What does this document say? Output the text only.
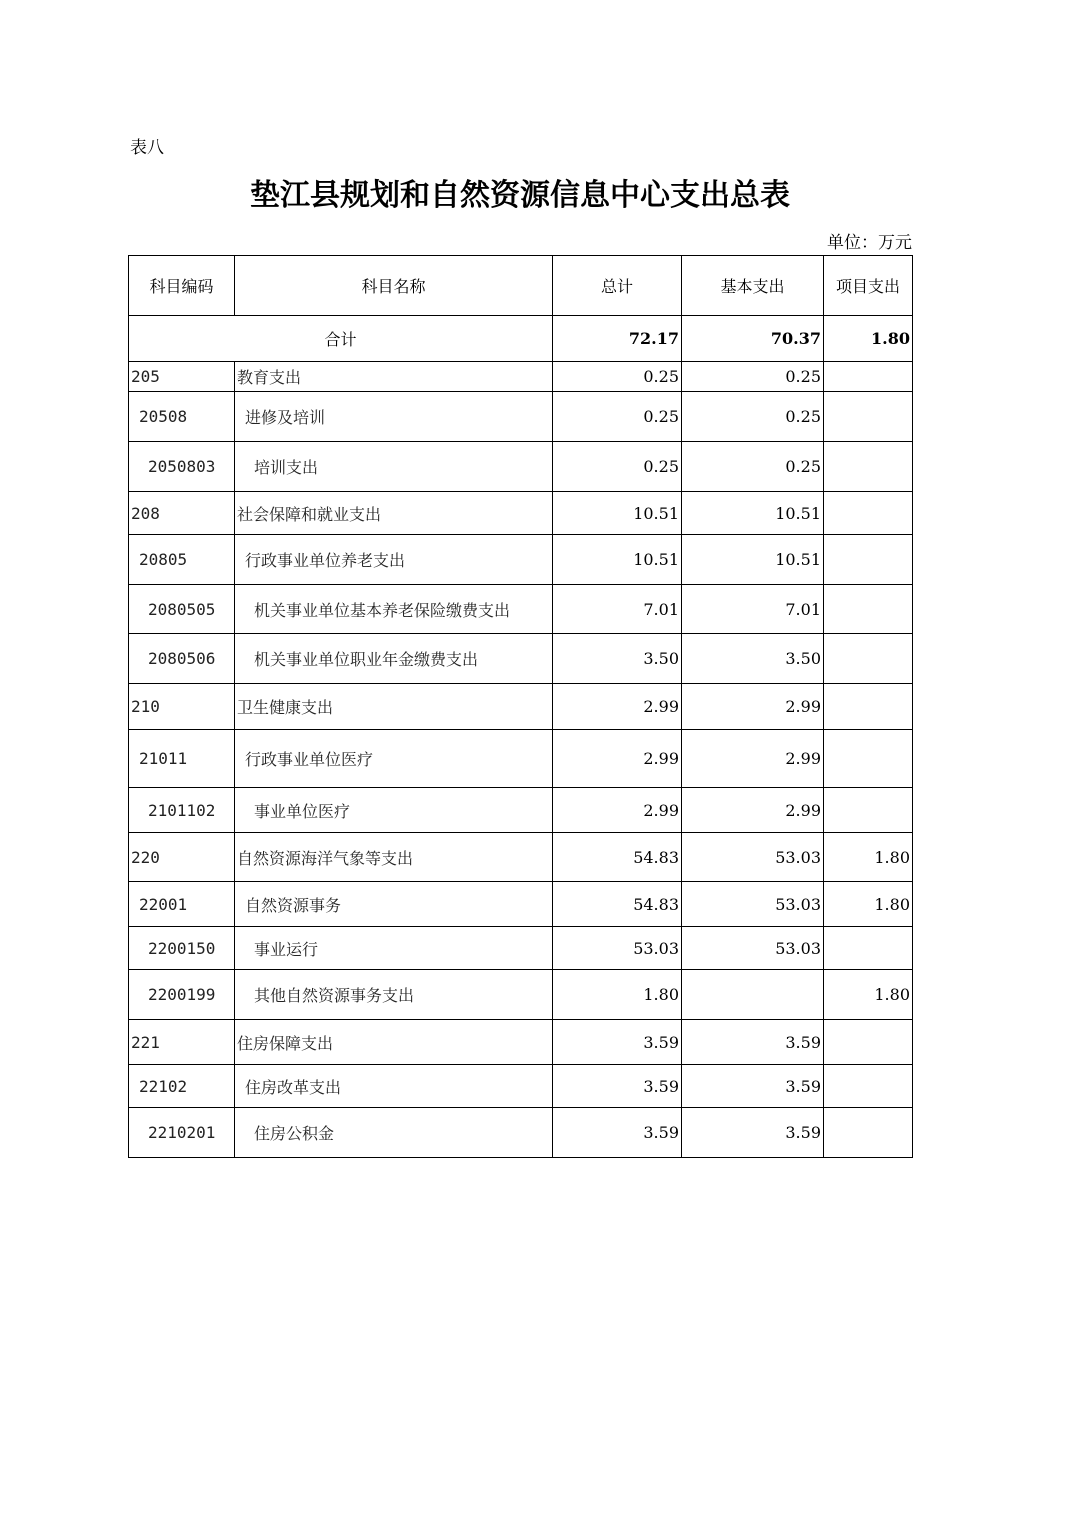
表八
垫江县规划和自然资源信息中心支出总表
单位：万元
科目编码	科目名称	总计	基本支出	项目支出
合计		72.17	70.37	1.80
205	教育支出	0.25	0.25	
20508	进修及培训	0.25	0.25	
2050803	培训支出	0.25	0.25	
208	社会保障和就业支出	10.51	10.51	
20805	行政事业单位养老支出	10.51	10.51	
2080505	机关事业单位基本养老保险缴费支出	7.01	7.01	
2080506	机关事业单位职业年金缴费支出	3.50	3.50	
210	卫生健康支出	2.99	2.99	
21011	行政事业单位医疗	2.99	2.99	
2101102	事业单位医疗	2.99	2.99	
220	自然资源海洋气象等支出	54.83	53.03	1.80
22001	自然资源事务	54.83	53.03	1.80
2200150	事业运行	53.03	53.03	
2200199	其他自然资源事务支出	1.80		1.80
221	住房保障支出	3.59	3.59	
22102	住房改革支出	3.59	3.59	
2210201	住房公积金	3.59	3.59	
